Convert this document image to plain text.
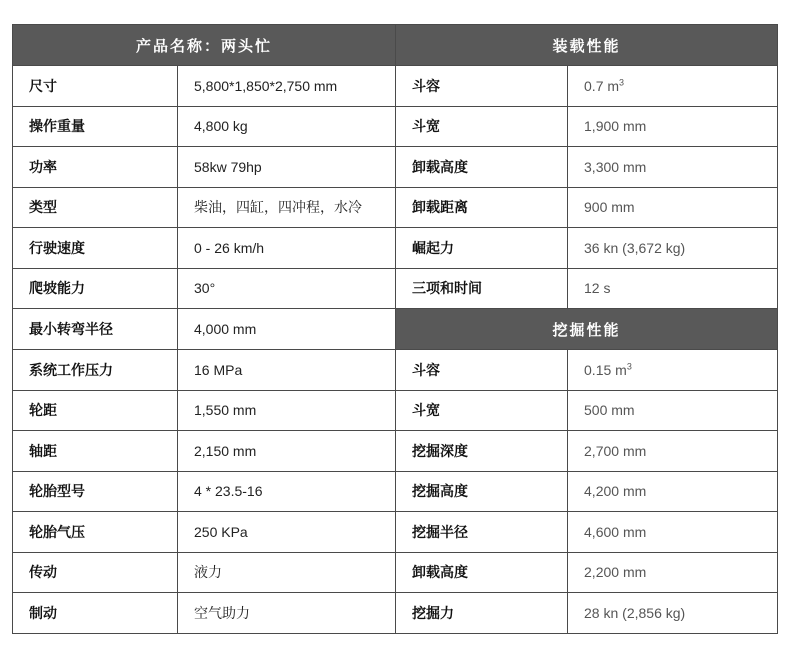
产品名称：两头忙		装载性能	
尺寸	5,800*1,850*2,750 mm	斗容	0.7 $m^3$
操作重量	4,800 kg	斗宽	1,900 mm
功率	58kw 79hp	卸载高度	3,300 mm
类型	柴油，四缸，四冲程，水冷	卸载距离	900 mm
行驶速度	0 - 26 km/h	崛起力	36 kn (3,672 kg)
爬坡能力	30°	三项和时间	12 s
最小转弯半径	4,000 mm	挖掘性能	
系统工作压力	16 MPa	斗容	0.15 $m^3$
轮距	1,550 mm	斗宽	500 mm
轴距	2,150 mm	挖掘深度	2,700 mm
轮胎型号	4 * 23.5-16	挖掘高度	4,200 mm
轮胎气压	250 KPa	挖掘半径	4,600 mm
传动	液力	卸载高度	2,200 mm
制动	空气助力	挖掘力	28 kn (2,856 kg)
